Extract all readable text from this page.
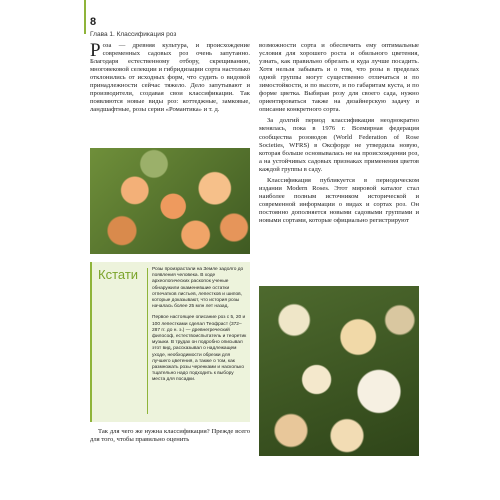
8
Глава 1. Классификация роз

Роза — древняя культура, и происхождение современных садовых роз очень запутанно. Благодаря естественному отбору, скрещиванию, многовековой селекции и гибридизации сорта настолько отклонились от исходных форм, что судить о видовой принадлежности сейчас тяжело. Дело запутывают и производители, создавая свои классификации. Так появляются новые виды роз: коттеджные, замковые, ландшафтные, розы серии «Романтика» и т. д.

Кстати	Розы произрастали на Земле задолго до появления человека. В ходе археологических раскопок ученые обнаружили окаменевшие остатки отпечатков листьев, лепестков и шипов, которые доказывают, что история розы началась более 25 млн лет назад.

Первое настоящее описание роз с 5, 20 и 100 лепестками сделал Теофраст (372–287 гг. до н. э.) — древнегреческий философ, естествоиспытатель и теоретик музыки. В трудах он подробно описывал этот вид, рассказывал о надлежащем уходе, необходимости обрезки для лучшего цветения, а также о том, как размножать розы черенками и насколько тщательно надо подходить к выбору места для посадки.

Так для чего же нужна классификация? Прежде всего для того, чтобы правильно оценить

возможности сорта и обеспечить ему оптимальные условия для хорошего роста и обильного цветения, узнать, как правильно обрезать и куда лучше посадить. Хотя нельзя забывать и о том, что розы в пределах одной группы могут существенно отличаться и по зимостойкости, и по высоте, и по габаритам куста, и по форме цветка. Выбирая розу для своего сада, нужно ориентироваться также на дизайнерскую задачу и описание конкретного сорта.

За долгий период классификация неоднократно менялась, пока в 1976 г. Всемирная федерация сообщества розоводов (World Federation of Rose Societies, WFRS) в Оксфорде не утвердила новую, которая больше основывалась не на происхождении роз, а на устойчивых садовых признаках применения цветов каждой группы в саду.

Классификация публикуется в периодическом издании Modern Roses. Этот мировой каталог стал наиболее полным источником исторической и современной информации о видах и сортах роз. Он постоянно дополняется новыми садовыми группами и новыми сортами, которые официально регистрируют
